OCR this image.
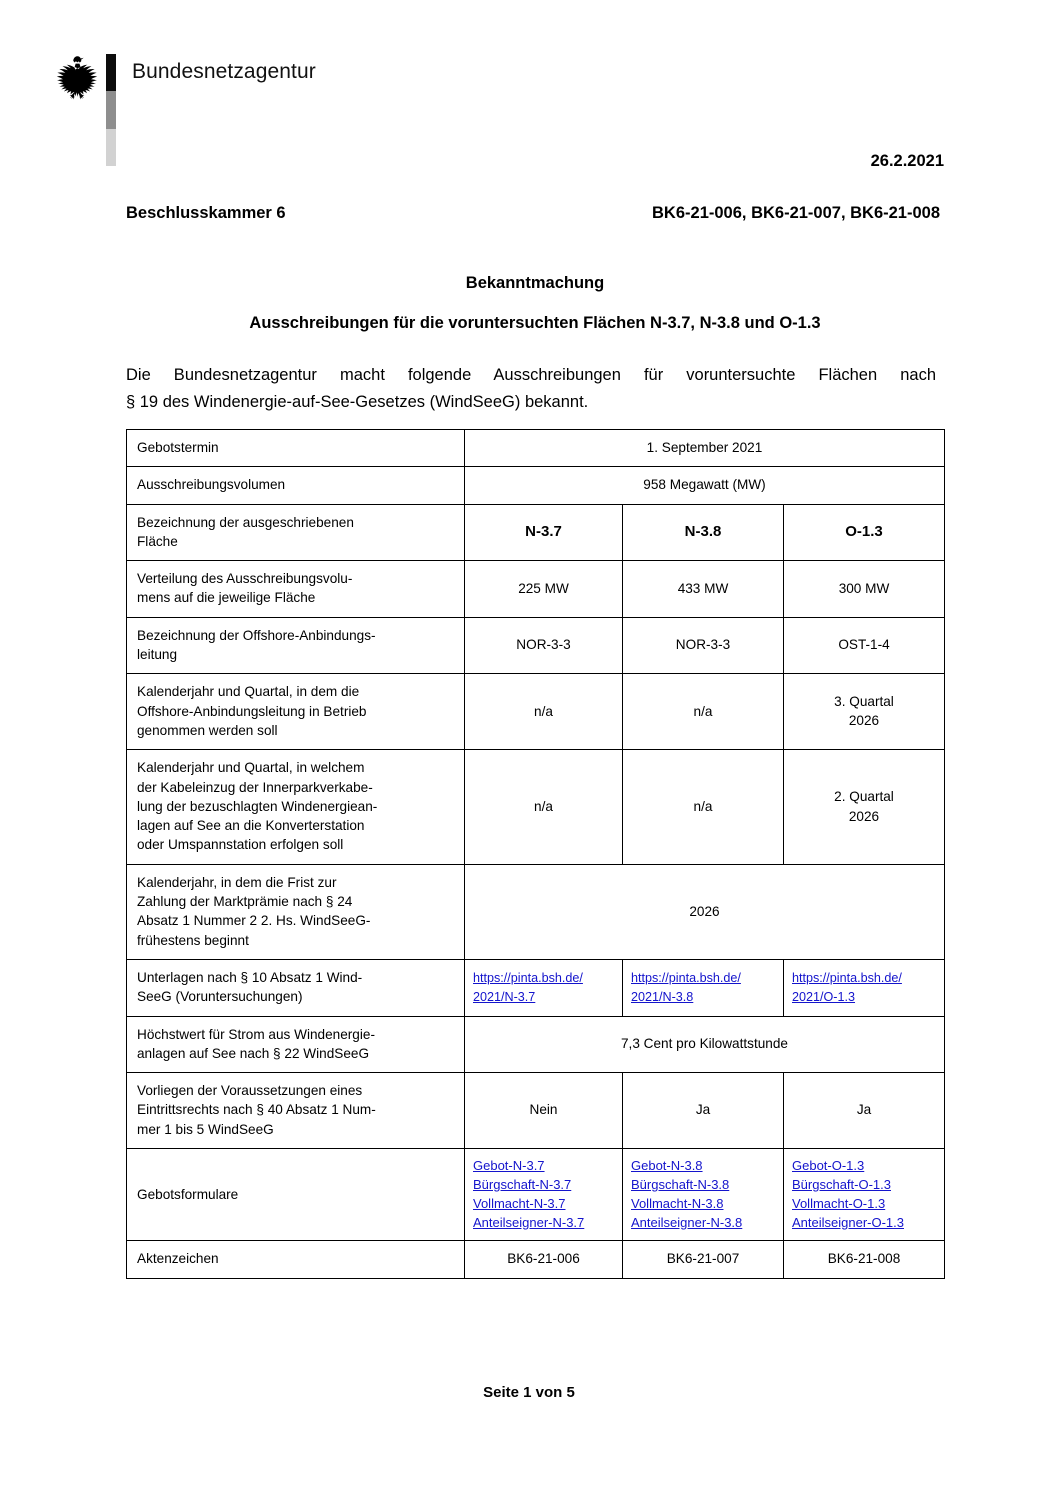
Bundesnetzagentur
26.2.2021
Beschlusskammer 6	BK6-21-006, BK6-21-007, BK6-21-008
Bekanntmachung
Ausschreibungen für die voruntersuchten Flächen N-3.7, N-3.8 und O-1.3
Die Bundesnetzagentur macht folgende Ausschreibungen für voruntersuchte Flächen nach
§ 19 des Windenergie-auf-See-Gesetzes (WindSeeG) bekannt.
Gebotstermin	1. September 2021		
Ausschreibungsvolumen	958 Megawatt (MW)		
Bezeichnung der ausgeschriebenen
Fläche	N-3.7	N-3.8	O-1.3
Verteilung des Ausschreibungsvolu-
mens auf die jeweilige Fläche	225 MW	433 MW	300 MW
Bezeichnung der Offshore-Anbindungs-
leitung	NOR-3-3	NOR-3-3	OST-1-4
Kalenderjahr und Quartal, in dem die
Offshore-Anbindungsleitung in Betrieb
genommen werden soll	n/a	n/a	3. Quartal
2026
Kalenderjahr und Quartal, in welchem
der Kabeleinzug der Innerparkverkabe-
lung der bezuschlagten Windenergiean-
lagen auf See an die Konverterstation
oder Umspannstation erfolgen soll	n/a	n/a	2. Quartal
2026
Kalenderjahr, in dem die Frist zur
Zahlung der Marktprämie nach § 24
Absatz 1 Nummer 2 2. Hs. WindSeeG-
frühestens beginnt	2026		
Unterlagen nach § 10 Absatz 1 Wind-
SeeG (Voruntersuchungen)	https://pinta.bsh.de/
2021/N-3.7	https://pinta.bsh.de/
2021/N-3.8	https://pinta.bsh.de/
2021/O-1.3

Höchstwert für Strom aus Windenergie-
anlagen auf See nach § 22 WindSeeG	7,3 Cent pro Kilowattstunde		
Vorliegen der Voraussetzungen eines
Eintrittsrechts nach § 40 Absatz 1 Num-
mer 1 bis 5 WindSeeG	Nein	Ja	Ja
Gebotsformulare	Gebot-N-3.7
Bürgschaft-N-3.7
Vollmacht-N-3.7
Anteilseigner-N-3.7	Gebot-N-3.8
Bürgschaft-N-3.8
Vollmacht-N-3.8
Anteilseigner-N-3.8	Gebot-O-1.3
Bürgschaft-O-1.3
Vollmacht-O-1.3
Anteilseigner-O-1.3

Aktenzeichen	BK6-21-006	BK6-21-007	BK6-21-008
Seite 1 von 5
